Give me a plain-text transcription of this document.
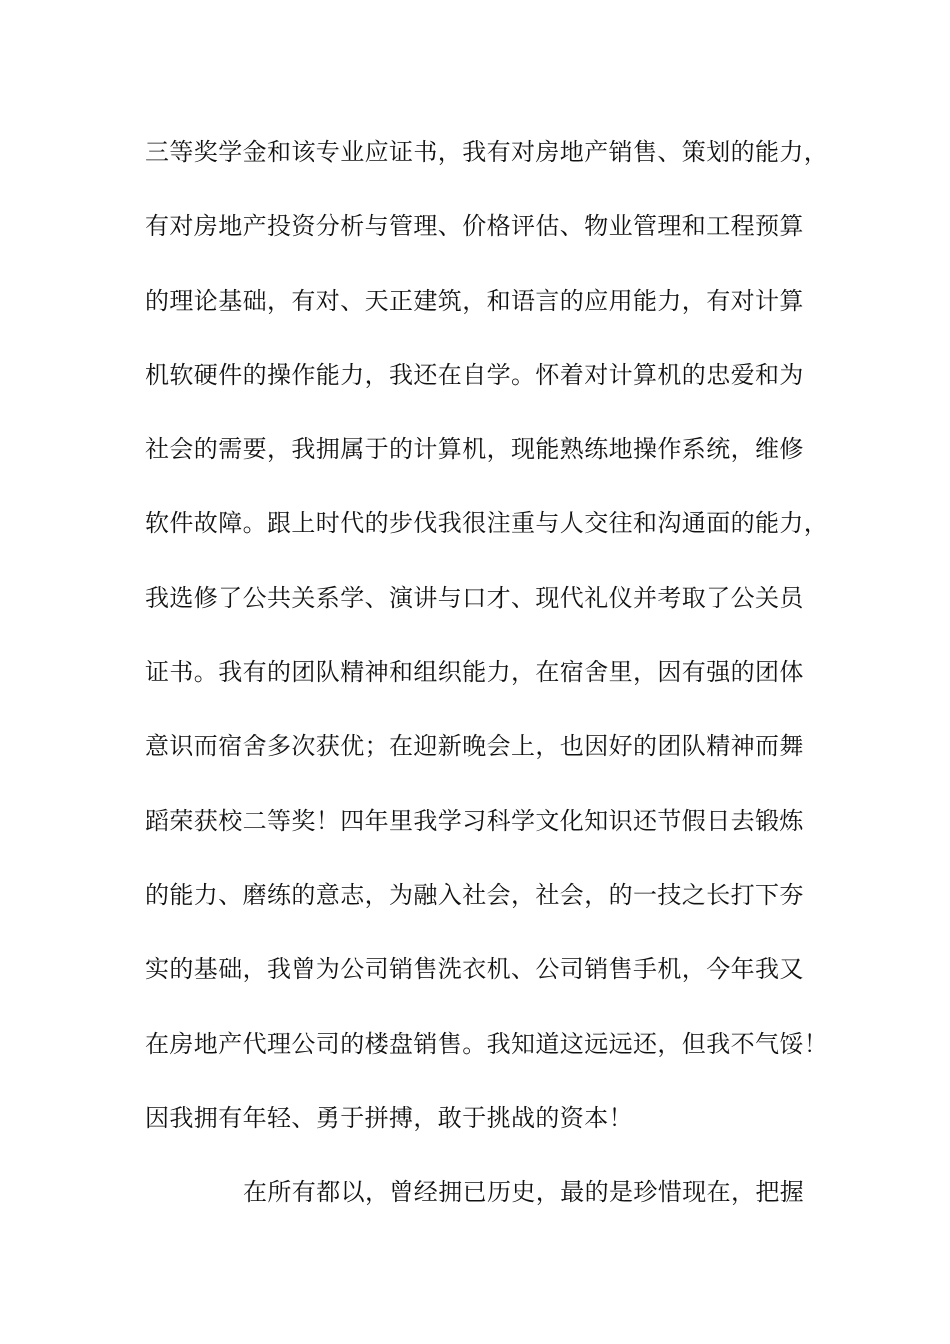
三等奖学金和该专业应证书，我有对房地产销售、策划的能力，
有对房地产投资分析与管理、价格评估、物业管理和工程预算
的理论基础，有对、天正建筑，和语言的应用能力，有对计算
机软硬件的操作能力，我还在自学。怀着对计算机的忠爱和为
社会的需要，我拥属于的计算机，现能熟练地操作系统，维修
软件故障。跟上时代的步伐我很注重与人交往和沟通面的能力，
我选修了公共关系学、演讲与口才、现代礼仪并考取了公关员
证书。我有的团队精神和组织能力，在宿舍里，因有强的团体
意识而宿舍多次获优；在迎新晚会上，也因好的团队精神而舞
蹈荣获校二等奖！四年里我学习科学文化知识还节假日去锻炼
的能力、磨练的意志，为融入社会，社会，的一技之长打下夯
实的基础，我曾为公司销售洗衣机、公司销售手机，今年我又
在房地产代理公司的楼盘销售。我知道这远远还，但我不气馁！
因我拥有年轻、勇于拼搏，敢于挑战的资本！
在所有都以，曾经拥已历史，最的是珍惜现在，把握
